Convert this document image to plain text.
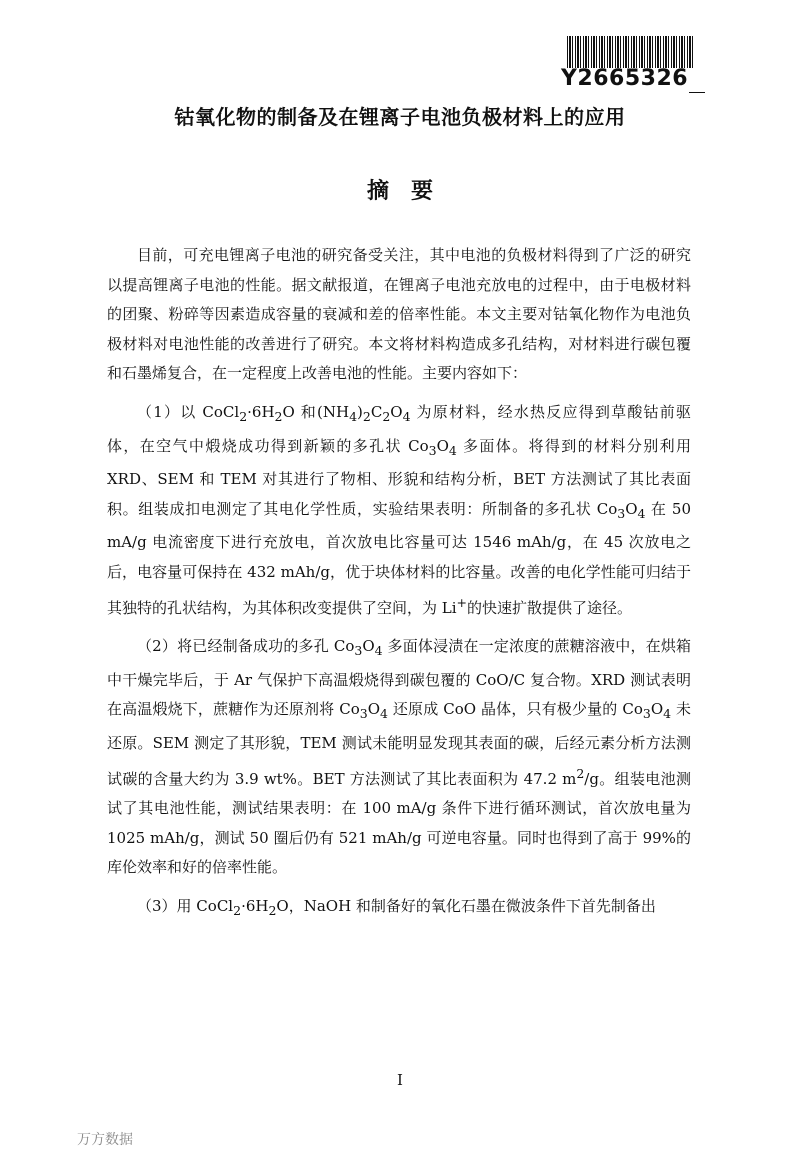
Y2665326
钴氧化物的制备及在锂离子电池负极材料上的应用
摘要

目前，可充电锂离子电池的研究备受关注，其中电池的负极材料得到了广泛的研究以提高锂离子电池的性能。据文献报道，在锂离子电池充放电的过程中，由于电极材料的团聚、粉碎等因素造成容量的衰减和差的倍率性能。本文主要对钴氧化物作为电池负极材料对电池性能的改善进行了研究。本文将材料构造成多孔结构，对材料进行碳包覆和石墨烯复合，在一定程度上改善电池的性能。主要内容如下：

（1）以 $CoCl_2\cdot 6H_2O$ 和$(NH_4)_2C_2O_4$ 为原材料，经水热反应得到草酸钴前驱体，在空气中煅烧成功得到新颖的多孔状 $Co_3O_4$ 多面体。将得到的材料分别利用 XRD、SEM 和 TEM 对其进行了物相、形貌和结构分析，BET 方法测试了其比表面积。组装成扣电测定了其电化学性质，实验结果表明：所制备的多孔状 $Co_3O_4$ 在 50 mA/g 电流密度下进行充放电，首次放电比容量可达 1546 mAh/g，在 45 次放电之后，电容量可保持在 432 mAh/g，优于块体材料的比容量。改善的电化学性能可归结于其独特的孔状结构，为其体积改变提供了空间，为 Li+的快速扩散提供了途径。

（2）将已经制备成功的多孔 $Co_3O_4$ 多面体浸渍在一定浓度的蔗糖溶液中，在烘箱中干燥完毕后，于 Ar 气保护下高温煅烧得到碳包覆的 CoO/C 复合物。XRD 测试表明在高温煅烧下，蔗糖作为还原剂将 $Co_3O_4$ 还原成 CoO 晶体，只有极少量的 $Co_3O_4$ 未还原。SEM 测定了其形貌，TEM 测试未能明显发现其表面的碳，后经元素分析方法测试碳的含量大约为 3.9 wt%。BET 方法测试了其比表面积为 47.2 $m^2/g$。组装电池测试了其电池性能，测试结果表明：在 100 mA/g 条件下进行循环测试，首次放电量为 1025 mAh/g，测试 50 圈后仍有 521 mAh/g 可逆电容量。同时也得到了高于 99%的库伦效率和好的倍率性能。

（3）用 $CoCl_2\cdot 6H_2O$，NaOH 和制备好的氧化石墨在微波条件下首先制备出

I
万方数据
